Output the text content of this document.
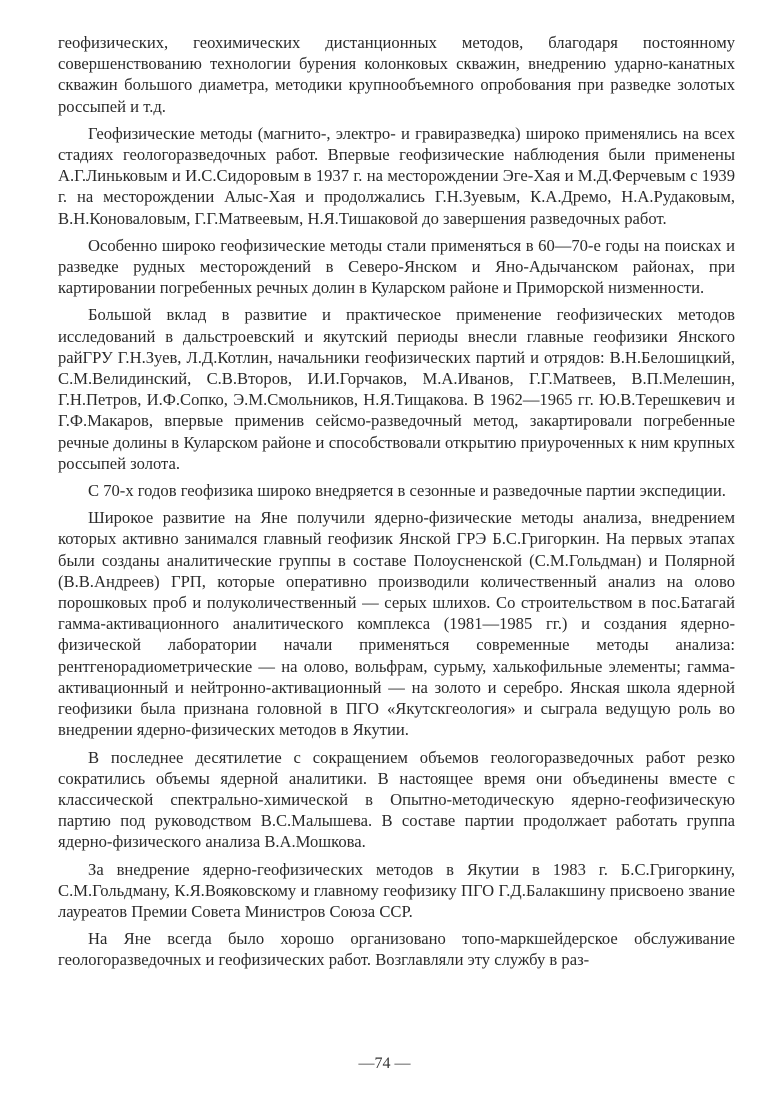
геофизических, геохимических дистанционных методов, благодаря постоянному совершенствованию технологии бурения колонковых скважин, внедрению ударно-канатных скважин большого диаметра, методики крупнообъемного опробования при разведке золотых россыпей и т.д.

Геофизические методы (магнито-, электро- и гравиразведка) широко применялись на всех стадиях геологоразведочных работ. Впервые геофизические наблюдения были применены А.Г.Линьковым и И.С.Сидоровым в 1937 г. на месторождении Эге-Хая и М.Д.Ферчевым с 1939 г. на месторождении Алыс-Хая и продолжались Г.Н.Зуевым, К.А.Дремо, Н.А.Рудаковым, В.Н.Коноваловым, Г.Г.Матвеевым, Н.Я.Тишаковой до завершения разведочных работ.

Особенно широко геофизические методы стали применяться в 60—70-е годы на поисках и разведке рудных месторождений в Северо-Янском и Яно-Адычанском районах, при картировании погребенных речных долин в Куларском районе и Приморской низменности.

Большой вклад в развитие и практическое применение геофизических методов исследований в дальстроевский и якутский периоды внесли главные геофизики Янского райГРУ Г.Н.Зуев, Л.Д.Котлин, начальники геофизических партий и отрядов: В.Н.Белошицкий, С.М.Велидинский, С.В.Второв, И.И.Горчаков, М.А.Иванов, Г.Г.Матвеев, В.П.Мелешин, Г.Н.Петров, И.Ф.Сопко, Э.М.Смольников, Н.Я.Тищакова. В 1962—1965 гг. Ю.В.Терешкевич и Г.Ф.Макаров, впервые применив сейсмо-разведочный метод, закартировали погребенные речные долины в Куларском районе и способствовали открытию приуроченных к ним крупных россыпей золота.

С 70-х годов геофизика широко внедряется в сезонные и разведочные партии экспедиции.

Широкое развитие на Яне получили ядерно-физические методы анализа, внедрением которых активно занимался главный геофизик Янской ГРЭ Б.С.Григоркин. На первых этапах были созданы аналитические группы в составе Полоусненской (С.М.Гольдман) и Полярной (В.В.Андреев) ГРП, которые оперативно производили количественный анализ на олово порошковых проб и полуколичественный — серых шлихов. Со строительством в пос.Батагай гамма-активационного аналитического комплекса (1981—1985 гг.) и создания ядерно-физической лаборатории начали применяться современные методы анализа: рентгенорадиометрические — на олово, вольфрам, сурьму, халькофильные элементы; гамма-активационный и нейтронно-активационный — на золото и серебро. Янская школа ядерной геофизики была признана головной в ПГО «Якутскгеология» и сыграла ведущую роль во внедрении ядерно-физических методов в Якутии.

В последнее десятилетие с сокращением объемов геологоразведочных работ резко сократились объемы ядерной аналитики. В настоящее время они объединены вместе с классической спектрально-химической в Опытно-методическую ядерно-геофизическую партию под руководством В.С.Малышева. В составе партии продолжает работать группа ядерно-физического анализа В.А.Мошкова.

За внедрение ядерно-геофизических методов в Якутии в 1983 г. Б.С.Григоркину, С.М.Гольдману, К.Я.Вояковскому и главному геофизику ПГО Г.Д.Балакшину присвоено звание лауреатов Премии Совета Министров Союза ССР.

На Яне всегда было хорошо организовано топо-маркшейдерское обслуживание геологоразведочных и геофизических работ. Возглавляли эту службу в раз-

—74 —
